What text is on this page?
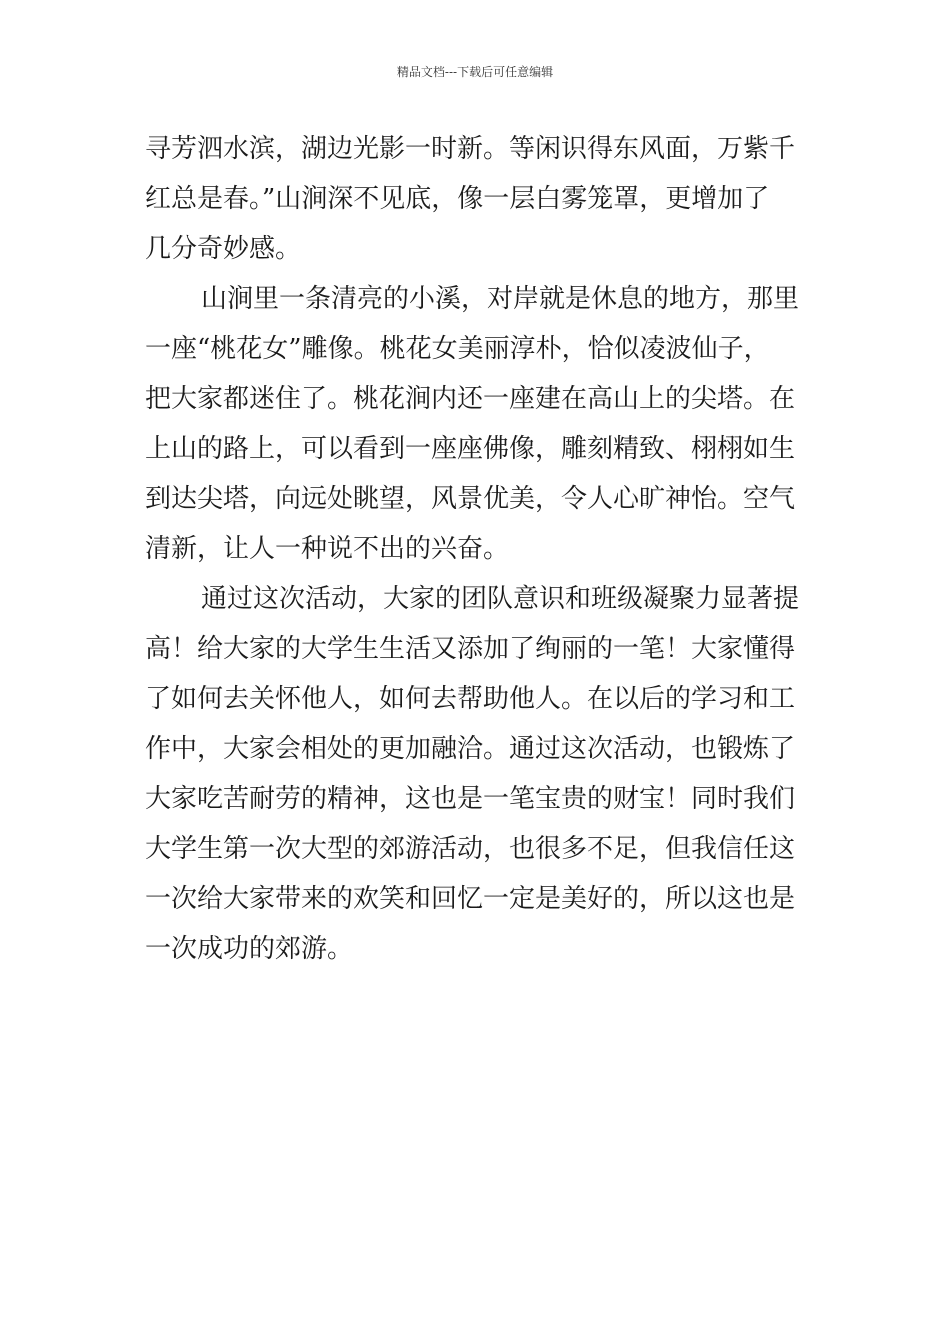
精品文档---下载后可任意编辑
寻芳泗水滨，湖边光影一时新。等闲识得东风面，万紫千
红总是春。”山涧深不见底，像一层白雾笼罩，更增加了
几分奇妙感。
山涧里一条清亮的小溪，对岸就是休息的地方，那里
一座“桃花女”雕像。桃花女美丽淳朴，恰似凌波仙子，
把大家都迷住了。桃花涧内还一座建在高山上的尖塔。在
上山的路上，可以看到一座座佛像，雕刻精致、栩栩如生
到达尖塔，向远处眺望，风景优美，令人心旷神怡。空气
清新，让人一种说不出的兴奋。
通过这次活动，大家的团队意识和班级凝聚力显著提
高！给大家的大学生生活又添加了绚丽的一笔！大家懂得
了如何去关怀他人，如何去帮助他人。在以后的学习和工
作中，大家会相处的更加融洽。通过这次活动，也锻炼了
大家吃苦耐劳的精神，这也是一笔宝贵的财宝！同时我们
大学生第一次大型的郊游活动，也很多不足，但我信任这
一次给大家带来的欢笑和回忆一定是美好的，所以这也是
一次成功的郊游。
